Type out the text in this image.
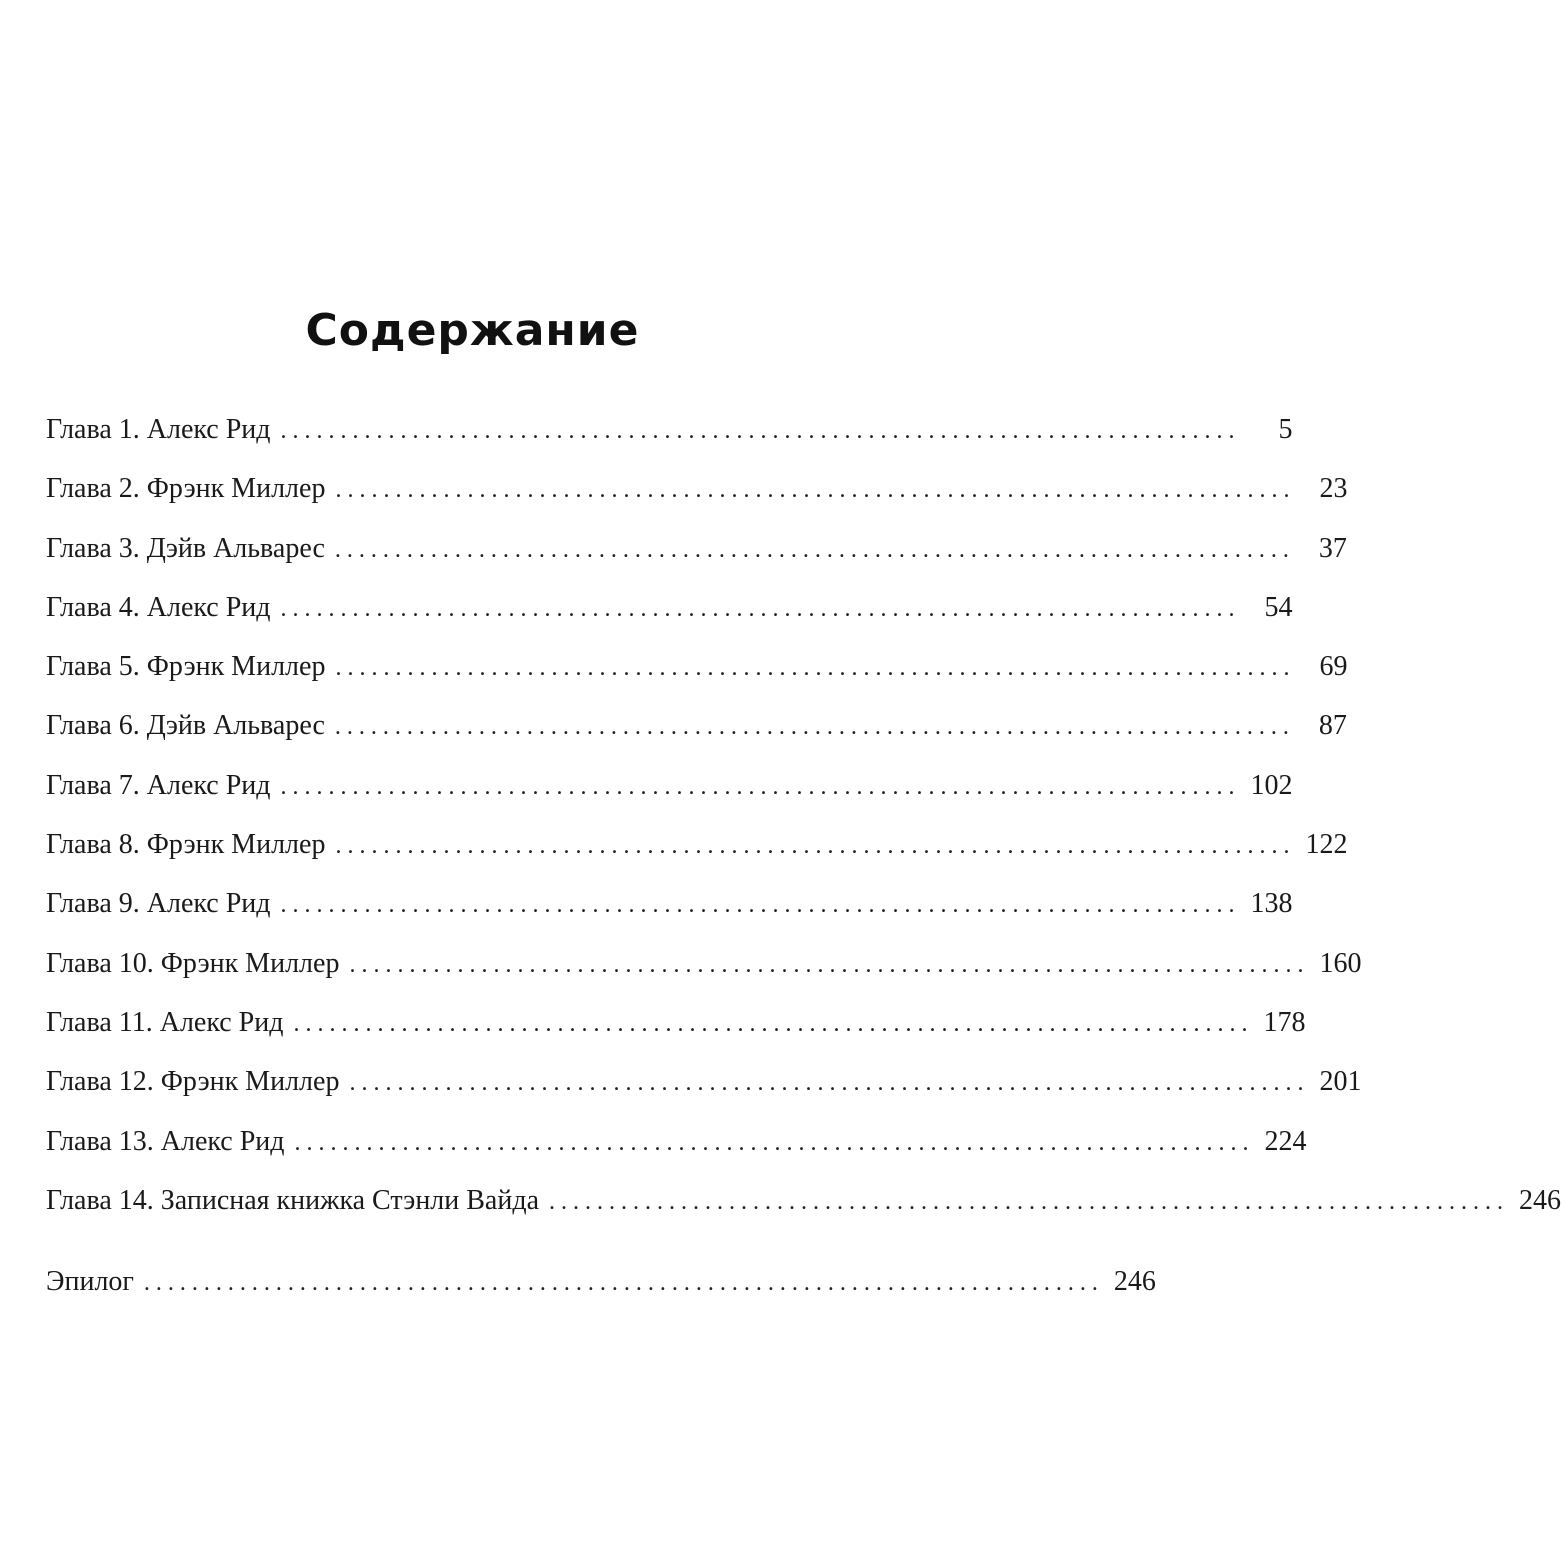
Содержание
Глава 1. Алекс Рид ................................................................................	5
Глава 2. Фрэнк Миллер ................................................................................ 23
Глава 3. Дэйв Альварес ................................................................................ 37
Глава 4. Алекс Рид ................................................................................ 54
Глава 5. Фрэнк Миллер ................................................................................ 69
Глава 6. Дэйв Альварес ................................................................................ 87
Глава 7. Алекс Рид ................................................................................ 102
Глава 8. Фрэнк Миллер ................................................................................ 122
Глава 9. Алекс Рид ................................................................................ 138
Глава 10. Фрэнк Миллер ................................................................................ 160
Глава 11. Алекс Рид ................................................................................ 178
Глава 12. Фрэнк Миллер ................................................................................ 201
Глава 13. Алекс Рид ................................................................................ 224
Глава 14. Записная книжка Стэнли Вайда ................................................................................ 246
Эпилог ................................................................................ 246
